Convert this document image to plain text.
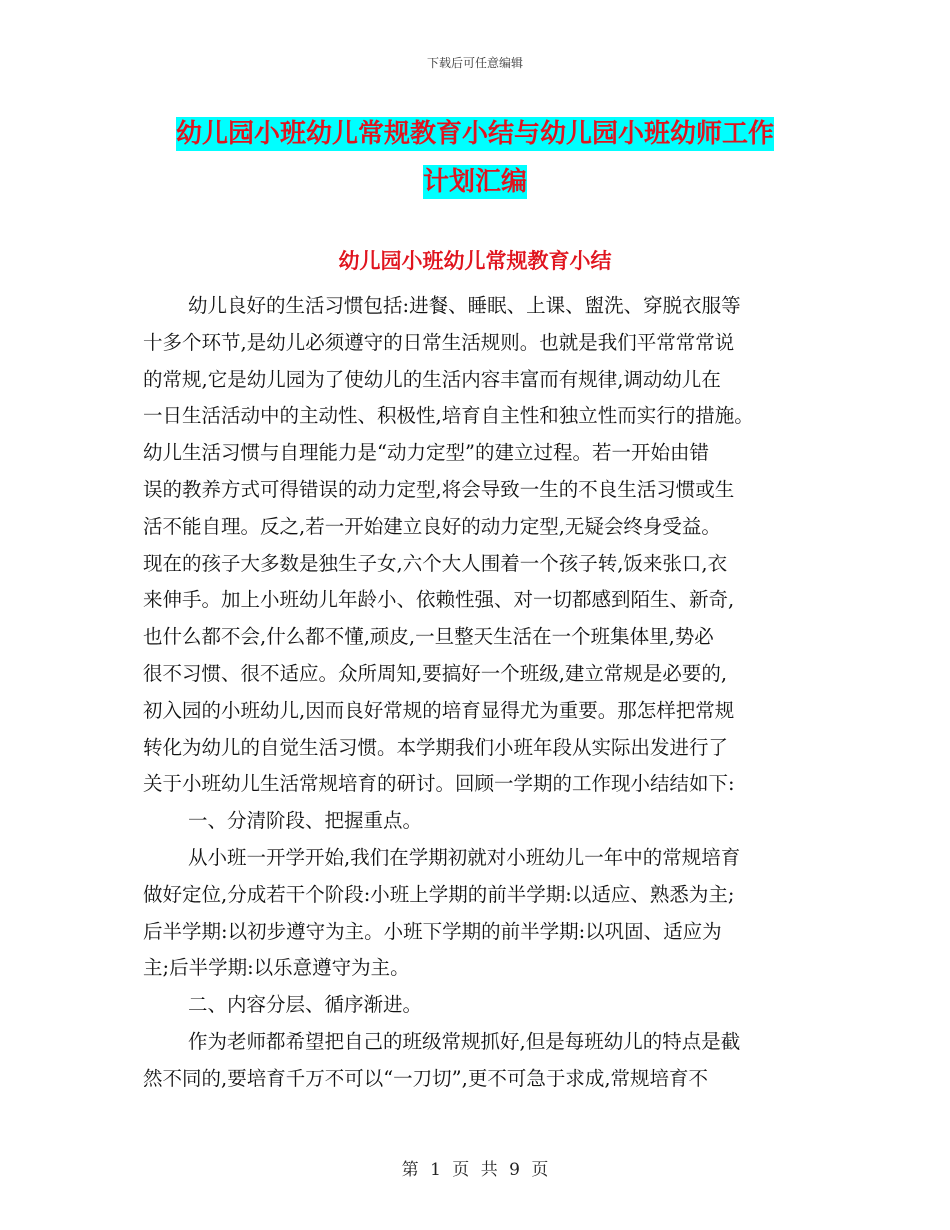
下载后可任意编辑
幼儿园小班幼儿常规教育小结与幼儿园小班幼师工作
计划汇编
幼儿园小班幼儿常规教育小结
幼儿良好的生活习惯包括:进餐、睡眠、上课、盥洗、穿脱衣服等
十多个环节,是幼儿必须遵守的日常生活规则。也就是我们平常常常说
的常规,它是幼儿园为了使幼儿的生活内容丰富而有规律,调动幼儿在
一日生活活动中的主动性、积极性,培育自主性和独立性而实行的措施。
幼儿生活习惯与自理能力是“动力定型”的建立过程。若一开始由错
误的教养方式可得错误的动力定型,将会导致一生的不良生活习惯或生
活不能自理。反之,若一开始建立良好的动力定型,无疑会终身受益。
现在的孩子大多数是独生子女,六个大人围着一个孩子转,饭来张口,衣
来伸手。加上小班幼儿年龄小、依赖性强、对一切都感到陌生、新奇,
也什么都不会,什么都不懂,顽皮,一旦整天生活在一个班集体里,势必
很不习惯、很不适应。众所周知,要搞好一个班级,建立常规是必要的,
初入园的小班幼儿,因而良好常规的培育显得尤为重要。那怎样把常规
转化为幼儿的自觉生活习惯。本学期我们小班年段从实际出发进行了
关于小班幼儿生活常规培育的研讨。回顾一学期的工作现小结结如下:
一、分清阶段、把握重点。
从小班一开学开始,我们在学期初就对小班幼儿一年中的常规培育
做好定位,分成若干个阶段:小班上学期的前半学期:以适应、熟悉为主;
后半学期:以初步遵守为主。小班下学期的前半学期:以巩固、适应为
主;后半学期:以乐意遵守为主。
二、内容分层、循序渐进。
作为老师都希望把自己的班级常规抓好,但是每班幼儿的特点是截
然不同的,要培育千万不可以“一刀切”,更不可急于求成,常规培育不
第 1 页 共 9 页
